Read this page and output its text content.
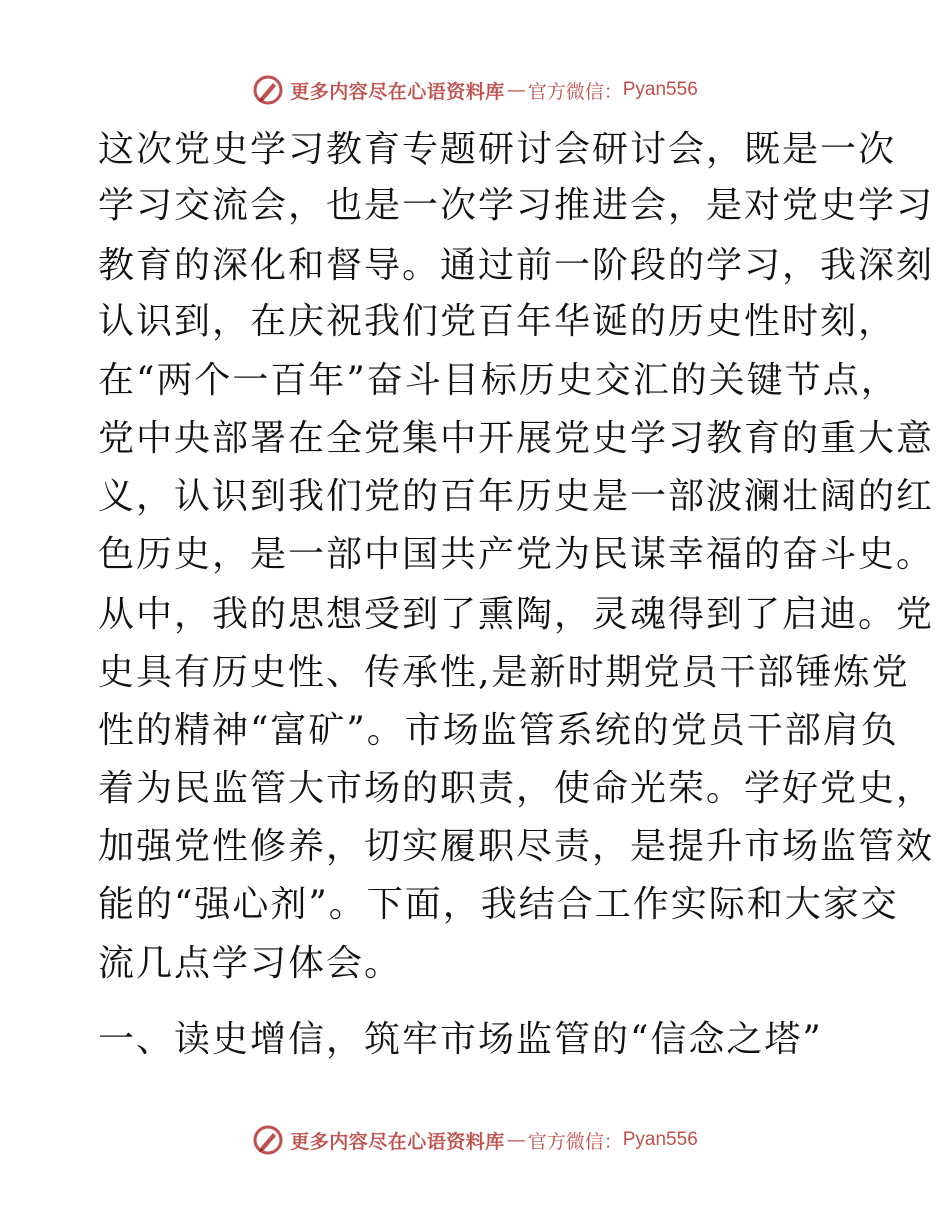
更多内容尽在心语资料库 — 官方微信： Pyan556
这次党史学习教育专题研讨会研讨会，既是一次
学习交流会，也是一次学习推进会，是对党史学习
教育的深化和督导。通过前一阶段的学习，我深刻
认识到，在庆祝我们党百年华诞的历史性时刻，
在“两个一百年”奋斗目标历史交汇的关键节点，
党中央部署在全党集中开展党史学习教育的重大意
义，认识到我们党的百年历史是一部波澜壮阔的红
色历史，是一部中国共产党为民谋幸福的奋斗史。
从中，我的思想受到了熏陶，灵魂得到了启迪。党
史具有历史性、传承性,是新时期党员干部锤炼党
性的精神“富矿”。市场监管系统的党员干部肩负
着为民监管大市场的职责，使命光荣。学好党史，
加强党性修养，切实履职尽责，是提升市场监管效
能的“强心剂”。下面，我结合工作实际和大家交
流几点学习体会。
一、读史增信，筑牢市场监管的“信念之塔”
更多内容尽在心语资料库 — 官方微信： Pyan556
